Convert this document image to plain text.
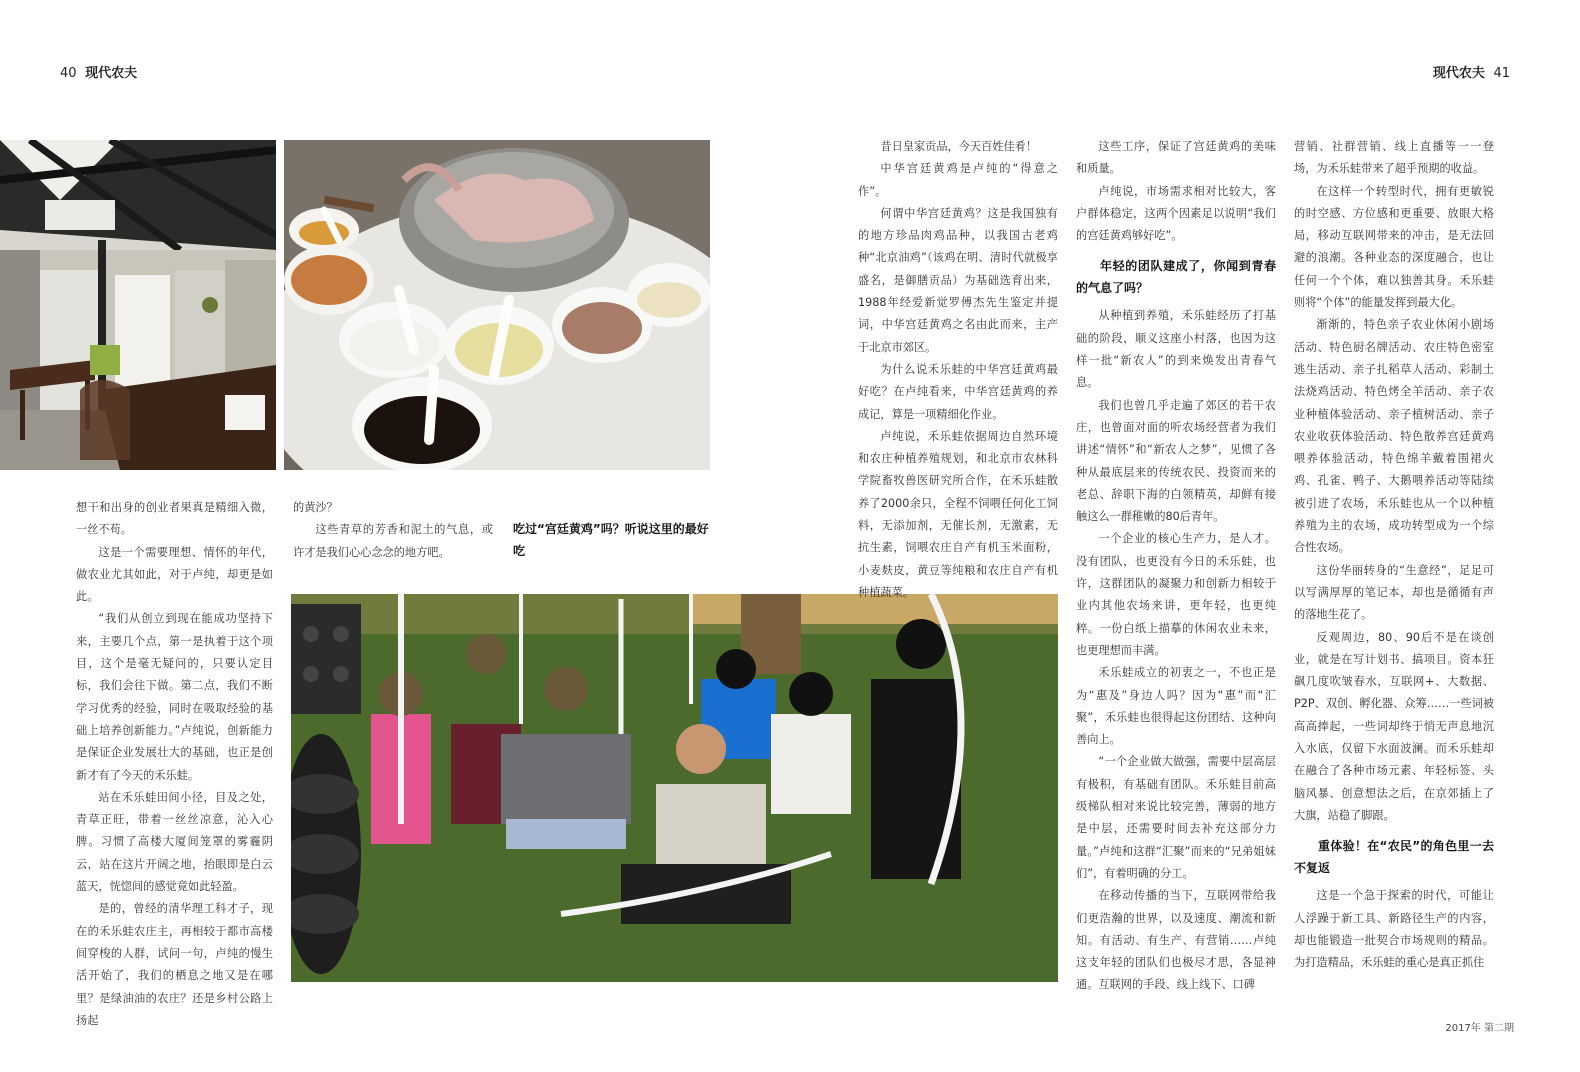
40 现代农夫	现代农夫 41
吃过“宫廷黄鸡”吗？听说这里的最好吃

想干和出身的创业者果真是精细入微，一丝不苟。

这是一个需要理想、情怀的年代，做农业尤其如此，对于卢纯，却更是如此。

“我们从创立到现在能成功坚持下来，主要几个点，第一是执着于这个项目，这个是毫无疑问的，只要认定目标，我们会往下做。第二点，我们不断学习优秀的经验，同时在吸取经验的基础上培养创新能力。”卢纯说，创新能力是保证企业发展壮大的基础，也正是创新才有了今天的禾乐蛙。

站在禾乐蛙田间小径，目及之处，青草正旺，带着一丝丝凉意，沁入心脾。习惯了高楼大厦间笼罩的雾霾阴云，站在这片开阔之地，抬眼即是白云蓝天，恍惚间的感觉竟如此轻盈。

是的，曾经的清华理工科才子，现在的禾乐蛙农庄主，再相较于都市高楼间穿梭的人群，试问一句，卢纯的慢生活开始了，我们的栖息之地又是在哪里？是绿油油的农庄？还是乡村公路上扬起

的黄沙？

这些青草的芳香和泥土的气息，或许才是我们心心念念的地方吧。

昔日皇家贡品，今天百姓佳肴！

中华宫廷黄鸡是卢纯的“得意之作”。

何谓中华宫廷黄鸡？这是我国独有的地方珍品肉鸡品种，以我国古老鸡种“北京油鸡”（该鸡在明、清时代就极享盛名，是御膳贡品）为基础选育出来，1988年经爱新觉罗傅杰先生鉴定并提词，中华宫廷黄鸡之名由此而来，主产于北京市郊区。

为什么说禾乐蛙的中华宫廷黄鸡最好吃？在卢纯看来，中华宫廷黄鸡的养成记，算是一项精细化作业。

卢纯说，禾乐蛙依据周边自然环境和农庄种植养殖规划，和北京市农林科学院畜牧兽医研究所合作，在禾乐蛙散养了2000余只，全程不饲喂任何化工饲料，无添加剂，无催长剂，无激素，无抗生素，饲喂农庄自产有机玉米面粉，小麦麸皮，黄豆等纯粮和农庄自产有机种植蔬菜。

这些工序，保证了宫廷黄鸡的美味和质量。

卢纯说，市场需求相对比较大，客户群体稳定，这两个因素足以说明“我们的宫廷黄鸡够好吃”。

年轻的团队建成了，你闻到青春的气息了吗？

从种植到养殖，禾乐蛙经历了打基础的阶段，顺义这座小村落，也因为这样一批“新农人”的到来焕发出青春气息。

我们也曾几乎走遍了郊区的若干农庄，也曾面对面的听农场经营者为我们讲述“情怀”和“新农人之梦”，见惯了各种从最底层来的传统农民、投资而来的老总、辞职下海的白领精英，却鲜有接触这么一群稚嫩的80后青年。

一个企业的核心生产力，是人才。没有团队，也更没有今日的禾乐蛙，也许，这群团队的凝聚力和创新力相较于业内其他农场来讲，更年轻，也更纯粹。一份白纸上描摹的休闲农业未来，也更理想而丰满。

禾乐蛙成立的初衷之一，不也正是为“惠及”身边人吗？因为“惠”而“汇聚”，禾乐蛙也很得起这份团结、这种向善向上。

“一个企业做大做强，需要中层高层有极积，有基础有团队。禾乐蛙目前高级梯队相对来说比较完善，薄弱的地方是中层，还需要时间去补充这部分力量。”卢纯和这群“汇聚”而来的“兄弟姐妹们”，有着明确的分工。

在移动传播的当下，互联网带给我们更浩瀚的世界，以及速度、潮流和新知。有活动、有生产、有营销……卢纯这支年轻的团队们也极尽才思，各显神通。互联网的手段、线上线下、口碑

营销、社群营销、线上直播等一一登场，为禾乐蛙带来了超乎预期的收益。

在这样一个转型时代，拥有更敏锐的时空感、方位感和更重要、放眼大格局，移动互联网带来的冲击，是无法回避的浪潮。各种业态的深度融合，也让任何一个个体，难以独善其身。禾乐蛙则将“个体”的能量发挥到最大化。

渐渐的，特色亲子农业休闲小剧场活动、特色厨名牌活动、农庄特色密室逃生活动、亲子扎稻草人活动、彩制土法烧鸡活动、特色烤全羊活动、亲子农业种植体验活动、亲子植树活动、亲子农业收获体验活动、特色散养宫廷黄鸡喂养体验活动，特色绵羊戴着围裙火鸡、孔雀、鸭子、大鹅喂养活动等陆续被引进了农场，禾乐蛙也从一个以种植养殖为主的农场，成功转型成为一个综合性农场。

这份华丽转身的“生意经”，足足可以写满厚厚的笔记本，却也是循循有声的落地生花了。

反观周边，80、90后不是在谈创业，就是在写计划书、搞项目。资本狂飙几度吹皱春水，互联网+、大数据、P2P、双创、孵化器、众筹……一些词被高高捧起，一些词却终于悄无声息地沉入水底，仅留下水面波澜。而禾乐蛙却在融合了各种市场元素、年轻标签、头脑风暴、创意想法之后，在京郊插上了大旗，站稳了脚跟。

重体验！在“农民”的角色里一去不复返

这是一个急于探索的时代，可能让人浮躁于新工具、新路径生产的内容，却也能锻造一批契合市场规则的精品。为打造精品，禾乐蛙的重心是真正抓住

2017年 第二期
